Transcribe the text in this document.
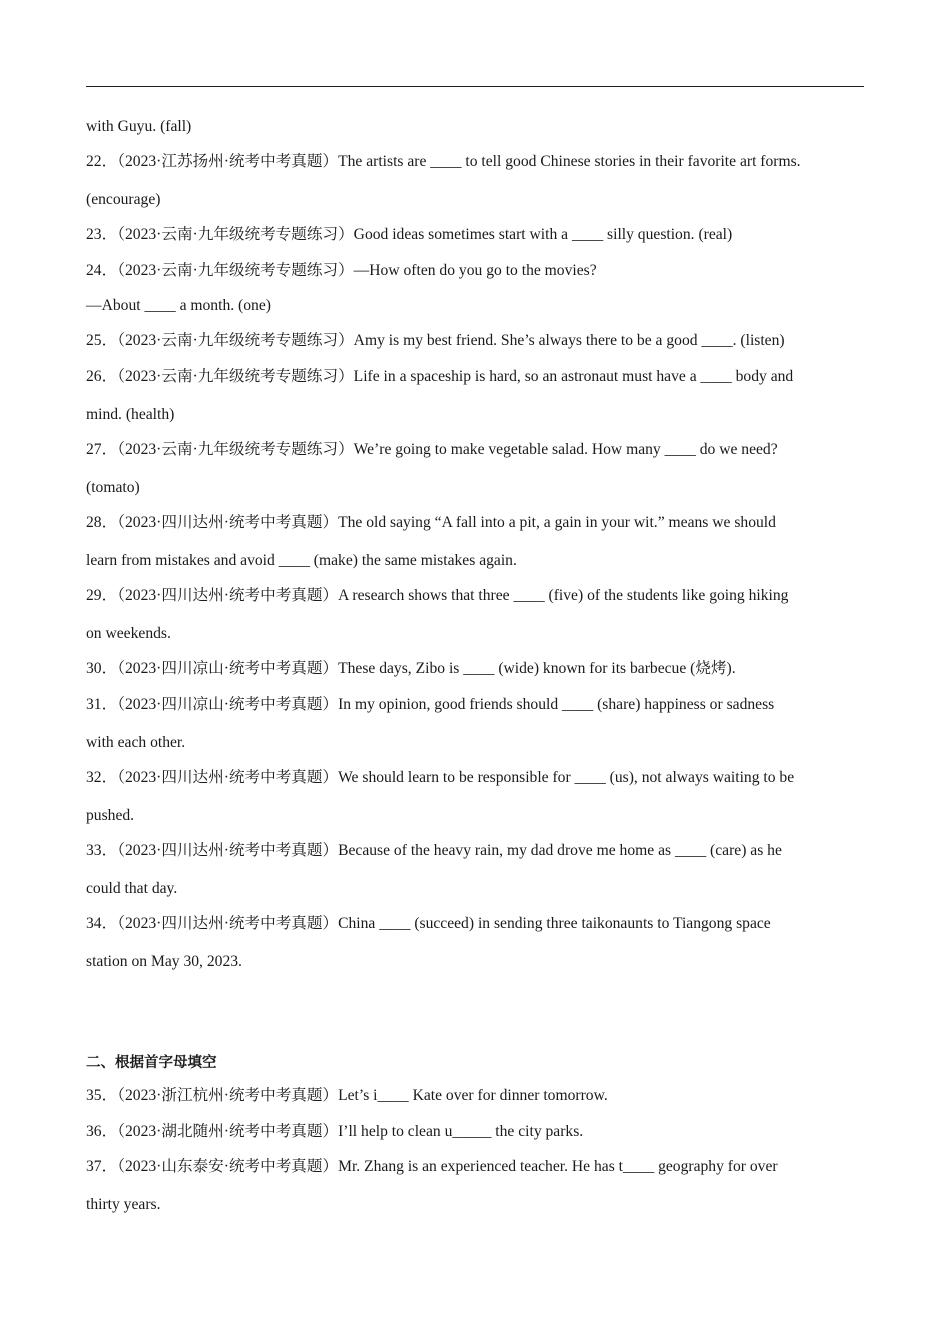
with Guyu. (fall)
22．（2023·江苏扬州·统考中考真题）The artists are ____ to tell good Chinese stories in their favorite art forms.
(encourage)
23．（2023·云南·九年级统考专题练习）Good ideas sometimes start with a ____ silly question. (real)
24．（2023·云南·九年级统考专题练习）—How often do you go to the movies?
—About ____ a month. (one)
25．（2023·云南·九年级统考专题练习）Amy is my best friend. She’s always there to be a good ____. (listen)
26．（2023·云南·九年级统考专题练习）Life in a spaceship is hard, so an astronaut must have a ____ body and
mind. (health)
27．（2023·云南·九年级统考专题练习）We’re going to make vegetable salad. How many ____ do we need?
(tomato)
28．（2023·四川达州·统考中考真题）The old saying “A fall into a pit, a gain in your wit.” means we should
learn from mistakes and avoid ____ (make) the same mistakes again.
29．（2023·四川达州·统考中考真题）A research shows that three ____ (five) of the students like going hiking
on weekends.
30．（2023·四川凉山·统考中考真题）These days, Zibo is ____ (wide) known for its barbecue (烧烤).
31．（2023·四川凉山·统考中考真题）In my opinion, good friends should ____ (share) happiness or sadness
with each other.
32．（2023·四川达州·统考中考真题）We should learn to be responsible for ____ (us), not always waiting to be
pushed.
33．（2023·四川达州·统考中考真题）Because of the heavy rain, my dad drove me home as ____ (care) as he
could that day.
34．（2023·四川达州·统考中考真题）China ____ (succeed) in sending three taikonaunts to Tiangong space
station on May 30, 2023.
二、根据首字母填空
35．（2023·浙江杭州·统考中考真题）Let’s i____ Kate over for dinner tomorrow.
36．（2023·湖北随州·统考中考真题）I’ll help to clean u_____ the city parks.
37．（2023·山东泰安·统考中考真题）Mr. Zhang is an experienced teacher. He has t____ geography for over
thirty years.
